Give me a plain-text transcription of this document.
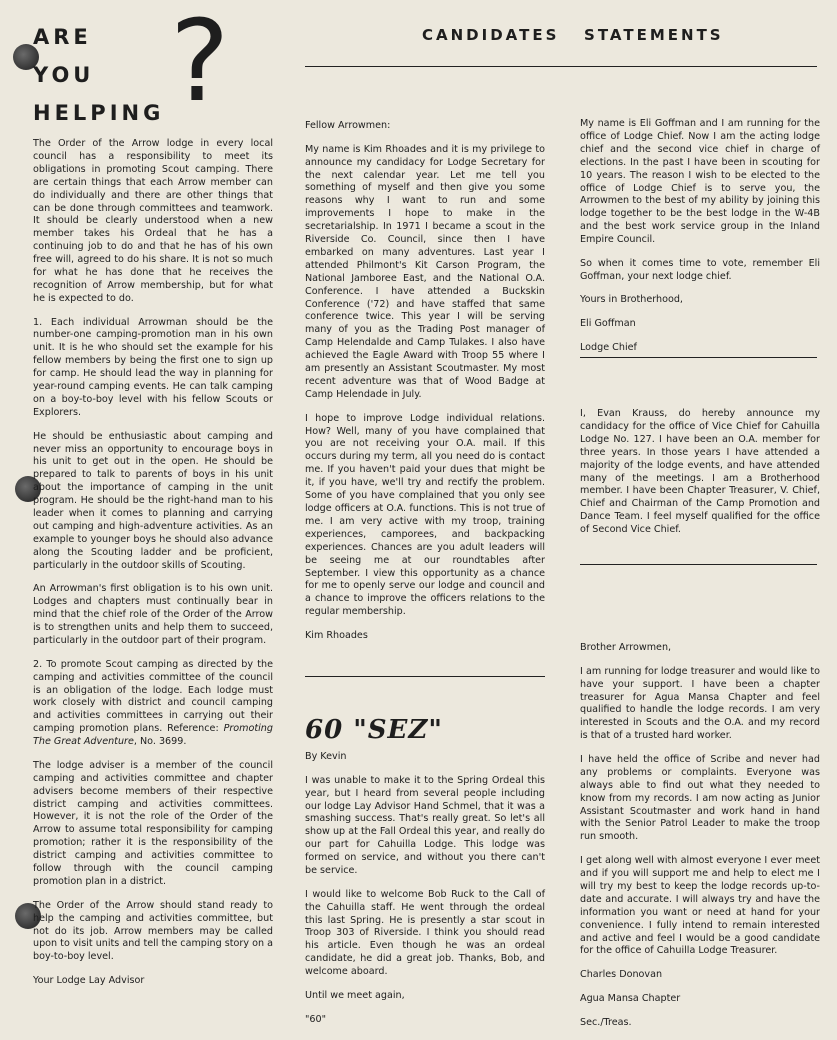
ARE
YOU
HELPING ?	CANDIDATES   STATEMENTS

The Order of the Arrow lodge in every local council has a responsibility to meet its obligations in promoting Scout camping. There are certain things that each Arrow member can do individually and there are other things that can be done through committees and teamwork. It should be clearly understood when a new member takes his Ordeal that he has a continuing job to do and that he has of his own free will, agreed to do his share. It is not so much for what he has done that he receives the recognition of Arrow membership, but for what he is expected to do.

1. Each individual Arrowman should be the number-one camping-promotion man in his own unit. It is he who should set the example for his fellow members by being the first one to sign up for camp. He should lead the way in planning for year-round camping events. He can talk camping on a boy-to-boy level with his fellow Scouts or Explorers.

He should be enthusiastic about camping and never miss an opportunity to encourage boys in his unit to get out in the open. He should be prepared to talk to parents of boys in his unit about the importance of camping in the unit program. He should be the right-hand man to his leader when it comes to planning and carrying out camping and high-adventure activities. As an example to younger boys he should also advance along the Scouting ladder and be proficient, particularly in the outdoor skills of Scouting.

An Arrowman's first obligation is to his own unit. Lodges and chapters must continually bear in mind that the chief role of the Order of the Arrow is to strengthen units and help them to succeed, particularly in the outdoor part of their program.

2. To promote Scout camping as directed by the camping and activities committee of the council is an obligation of the lodge. Each lodge must work closely with district and council camping and activities committees in carrying out their camping promotion plans. Reference: Promoting The Great Adventure, No. 3699.

The lodge adviser is a member of the council camping and activities committee and chapter advisers become members of their respective district camping and activities committees. However, it is not the role of the Order of the Arrow to assume total responsibility for camping promotion; rather it is the responsibility of the district camping and activities committee to follow through with the council camping promotion plan in a district.

The Order of the Arrow should stand ready to help the camping and activities committee, but not do its job. Arrow members may be called upon to visit units and tell the camping story on a boy-to-boy level.

Your Lodge Lay Advisor

Fellow Arrowmen:

My name is Kim Rhoades and it is my privilege to announce my candidacy for Lodge Secretary for the next calendar year. Let me tell you something of myself and then give you some reasons why I want to run and some improvements I hope to make in the secretarialship. In 1971 I became a scout in the Riverside Co. Council, since then I have embarked on many adventures. Last year I attended Philmont's Kit Carson Program, the National Jamboree East, and the National O.A. Conference. I have attended a Buckskin Conference ('72) and have staffed that same conference twice. This year I will be serving many of you as the Trading Post manager of Camp Helendalde and Camp Tulakes. I also have achieved the Eagle Award with Troop 55 where I am presently an Assistant Scoutmaster. My most recent adventure was that of Wood Badge at Camp Helendade in July.

I hope to improve Lodge individual relations. How? Well, many of you have complained that you are not receiving your O.A. mail. If this occurs during my term, all you need do is contact me. If you haven't paid your dues that might be it, if you have, we'll try and rectify the problem. Some of you have complained that you only see lodge officers at O.A. functions. This is not true of me. I am very active with my troop, training experiences, camporees, and backpacking experiences. Chances are you adult leaders will be seeing me at our roundtables after September. I view this opportunity as a chance for me to openly serve our lodge and council and a chance to improve the officers relations to the regular membership.

Kim Rhoades

60 "SEZ"

By Kevin

I was unable to make it to the Spring Ordeal this year, but I heard from several people including our lodge Lay Advisor Hand Schmel, that it was a smashing success. That's really great. So let's all show up at the Fall Ordeal this year, and really do our part for Cahuilla Lodge. This lodge was formed on service, and without you there can't be service.

I would like to welcome Bob Ruck to the Call of the Cahuilla staff. He went through the ordeal this last Spring. He is presently a star scout in Troop 303 of Riverside. I think you should read his article. Even though he was an ordeal candidate, he did a great job. Thanks, Bob, and welcome aboard.

Until we meet again,

"60"

My name is Eli Goffman and I am running for the office of Lodge Chief. Now I am the acting lodge chief and the second vice chief in charge of elections. In the past I have been in scouting for 10 years. The reason I wish to be elected to the office of Lodge Chief is to serve you, the Arrowmen to the best of my ability by joining this lodge together to be the best lodge in the W-4B and the best work service group in the Inland Empire Council.

So when it comes time to vote, remember Eli Goffman, your next lodge chief.

Yours in Brotherhood,

Eli Goffman

Lodge Chief

I, Evan Krauss, do hereby announce my candidacy for the office of Vice Chief for Cahuilla Lodge No. 127. I have been an O.A. member for three years. In those years I have attended a majority of the lodge events, and have attended many of the meetings. I am a Brotherhood member. I have been Chapter Treasurer, V. Chief, Chief and Chairman of the Camp Promotion and Dance Team. I feel myself qualified for the office of Second Vice Chief.

Brother Arrowmen,

I am running for lodge treasurer and would like to have your support. I have been a chapter treasurer for Agua Mansa Chapter and feel qualified to handle the lodge records. I am very interested in Scouts and the O.A. and my record is that of a trusted hard worker.

I have held the office of Scribe and never had any problems or complaints. Everyone was always able to find out what they needed to know from my records. I am now acting as Junior Assistant Scoutmaster and work hand in hand with the Senior Patrol Leader to make the troop run smooth.

I get along well with almost everyone I ever meet and if you will support me and help to elect me I will try my best to keep the lodge records up-to-date and accurate. I will always try and have the information you want or need at hand for your convenience. I fully intend to remain interested and active and feel I would be a good candidate for the office of Cahuilla Lodge Treasurer.

Charles Donovan

Agua Mansa Chapter

Sec./Treas.
